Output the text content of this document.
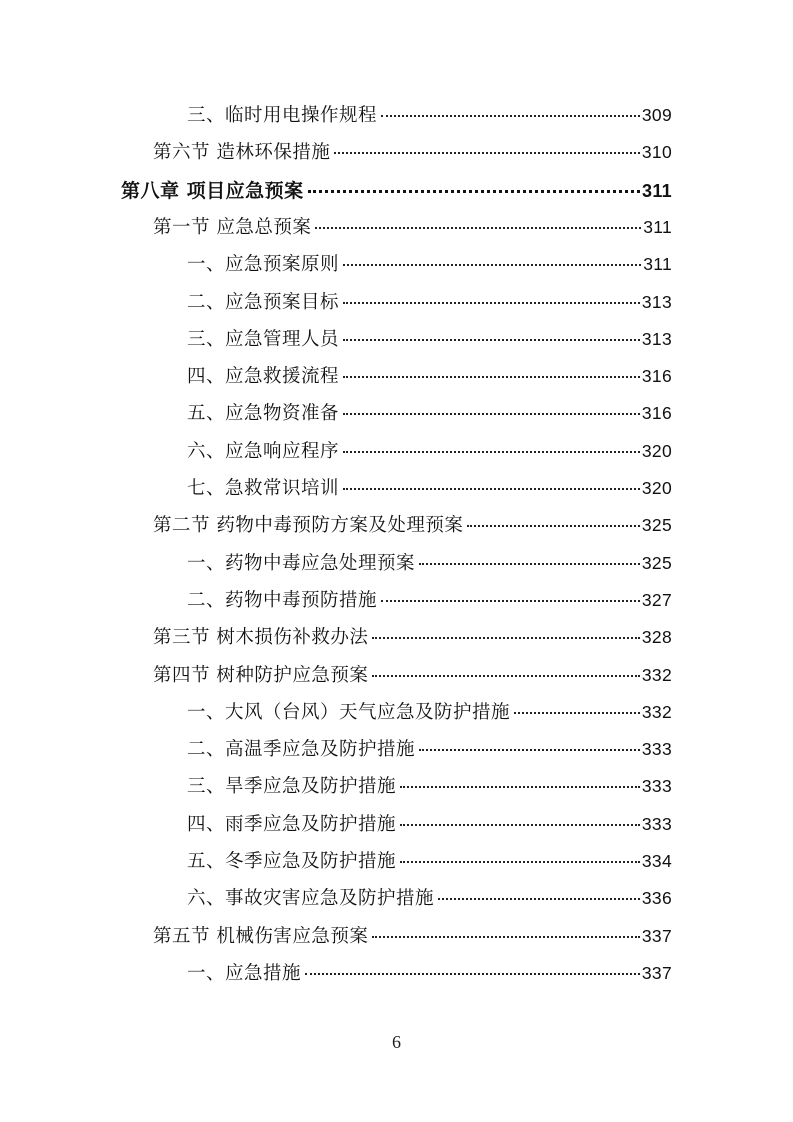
三、临时用电操作规程	309
第六节 造林环保措施	310
第八章 项目应急预案	311
第一节 应急总预案	311
一、应急预案原则	311
二、应急预案目标	313
三、应急管理人员	313
四、应急救援流程	316
五、应急物资准备	316
六、应急响应程序	320
七、急救常识培训	320
第二节 药物中毒预防方案及处理预案	325
一、药物中毒应急处理预案	325
二、药物中毒预防措施	327
第三节 树木损伤补救办法	328
第四节 树种防护应急预案	332
一、大风（台风）天气应急及防护措施	332
二、高温季应急及防护措施	333
三、旱季应急及防护措施	333
四、雨季应急及防护措施	333
五、冬季应急及防护措施	334
六、事故灾害应急及防护措施	336
第五节 机械伤害应急预案	337
一、应急措施	337
6
